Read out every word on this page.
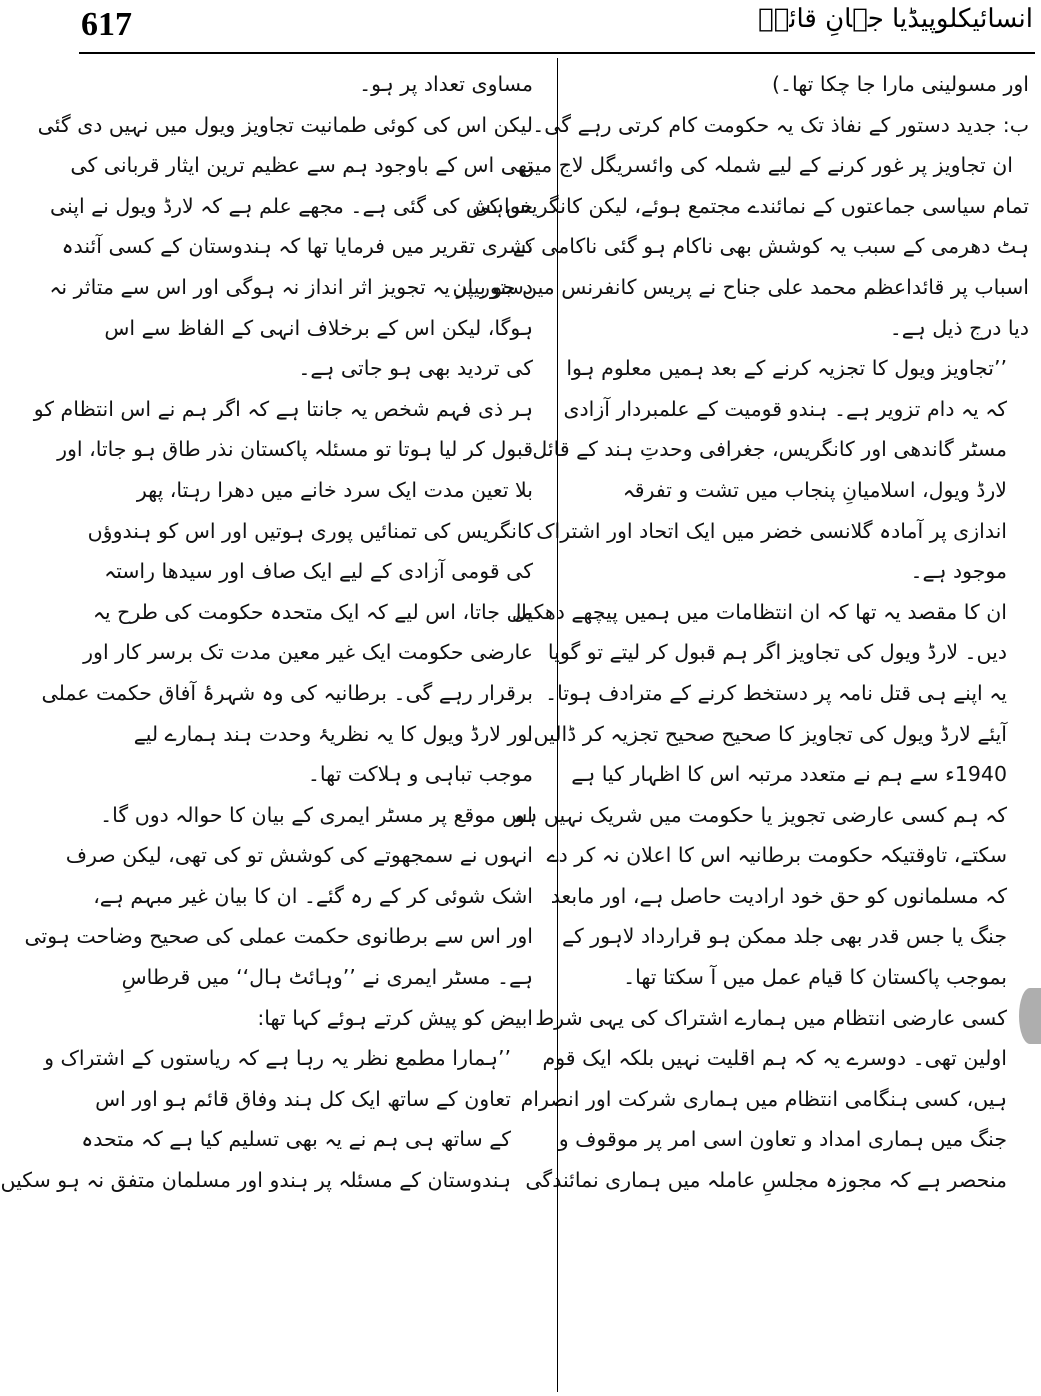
617	انسائیکلوپیڈیا جہانِ قائدؒ
اور مسولینی مارا جا چکا تھا۔)
ب: جدید دستور کے نفاذ تک یہ حکومت کام کرتی رہے گی۔
ان تجاویز پر غور کرنے کے لیے شملہ کی وائسریگل لاج میں
تمام سیاسی جماعتوں کے نمائندے مجتمع ہوئے، لیکن کانگریس کی
ہٹ دھرمی کے سبب یہ کوشش بھی ناکام ہو گئی ناکامی کے
اسباب پر قائداعظم محمد علی جناح نے پریس کانفرنس میں جو بیان
دیا درج ذیل ہے۔
’’تجاویز ویول کا تجزیہ کرنے کے بعد ہمیں معلوم ہوا
کہ یہ دام تزویر ہے۔ ہندو قومیت کے علمبردار آزادی
مسٹر گاندھی اور کانگریس، جغرافی وحدتِ ہند کے قائل
لارڈ ویول، اسلامیانِ پنجاب میں تشت و تفرقہ
اندازی پر آمادہ گلانسی خضر میں ایک اتحاد اور اشتراک
موجود ہے۔
ان کا مقصد یہ تھا کہ ان انتظامات میں ہمیں پیچھے دھکیل
دیں۔ لارڈ ویول کی تجاویز اگر ہم قبول کر لیتے تو گویا
یہ اپنے ہی قتل نامہ پر دستخط کرنے کے مترادف ہوتا۔
آیئے لارڈ ویول کی تجاویز کا صحیح صحیح تجزیہ کر ڈالیں۔
1940ء سے ہم نے متعدد مرتبہ اس کا اظہار کیا ہے
کہ ہم کسی عارضی تجویز یا حکومت میں شریک نہیں ہو
سکتے، تاوقتیکہ حکومت برطانیہ اس کا اعلان نہ کر دے
کہ مسلمانوں کو حق خود ارادیت حاصل ہے، اور مابعد
جنگ یا جس قدر بھی جلد ممکن ہو قرارداد لاہور کے
بموجب پاکستان کا قیام عمل میں آ سکتا تھا۔
کسی عارضی انتظام میں ہمارے اشتراک کی یہی شرط
اولین تھی۔ دوسرے یہ کہ ہم اقلیت نہیں بلکہ ایک قوم
ہیں، کسی ہنگامی انتظام میں ہماری شرکت اور انصرام
جنگ میں ہماری امداد و تعاون اسی امر پر موقوف و
منحصر ہے کہ مجوزہ مجلسِ عاملہ میں ہماری نمائندگی
مساوی تعداد پر ہو۔
لیکن اس کی کوئی طمانیت تجاویز ویول میں نہیں دی گئی
تھی اس کے باوجود ہم سے عظیم ترین ایثار قربانی کی
خواہش کی گئی ہے۔ مجھے علم ہے کہ لارڈ ویول نے اپنی
نشری تقریر میں فرمایا تھا کہ ہندوستان کے کسی آئندہ
دستور پر یہ تجویز اثر انداز نہ ہوگی اور اس سے متاثر نہ
ہوگا، لیکن اس کے برخلاف انہی کے الفاظ سے اس
کی تردید بھی ہو جاتی ہے۔
ہر ذی فہم شخص یہ جانتا ہے کہ اگر ہم نے اس انتظام کو
قبول کر لیا ہوتا تو مسئلہ پاکستان نذر طاق ہو جاتا، اور
بلا تعین مدت ایک سرد خانے میں دھرا رہتا، پھر
کانگریس کی تمنائیں پوری ہوتیں اور اس کو ہندوؤں
کی قومی آزادی کے لیے ایک صاف اور سیدھا راستہ
مل جاتا، اس لیے کہ ایک متحدہ حکومت کی طرح یہ
عارضی حکومت ایک غیر معین مدت تک برسر کار اور
برقرار رہے گی۔ برطانیہ کی وہ شہرۂ آفاق حکمت عملی
اور لارڈ ویول کا یہ نظریۂ وحدت ہند ہمارے لیے
موجب تباہی و ہلاکت تھا۔
اس موقع پر مسٹر ایمری کے بیان کا حوالہ دوں گا۔
انہوں نے سمجھوتے کی کوشش تو کی تھی، لیکن صرف
اشک شوئی کر کے رہ گئے۔ ان کا بیان غیر مبہم ہے،
اور اس سے برطانوی حکمت عملی کی صحیح وضاحت ہوتی
ہے۔ مسٹر ایمری نے ’’وہائٹ ہال‘‘ میں قرطاسِ
ابیض کو پیش کرتے ہوئے کہا تھا:
’’ہمارا مطمع نظر یہ رہا ہے کہ ریاستوں کے اشتراک و
تعاون کے ساتھ ایک کل ہند وفاق قائم ہو اور اس
کے ساتھ ہی ہم نے یہ بھی تسلیم کیا ہے کہ متحدہ
ہندوستان کے مسئلہ پر ہندو اور مسلمان متفق نہ ہو سکیں
